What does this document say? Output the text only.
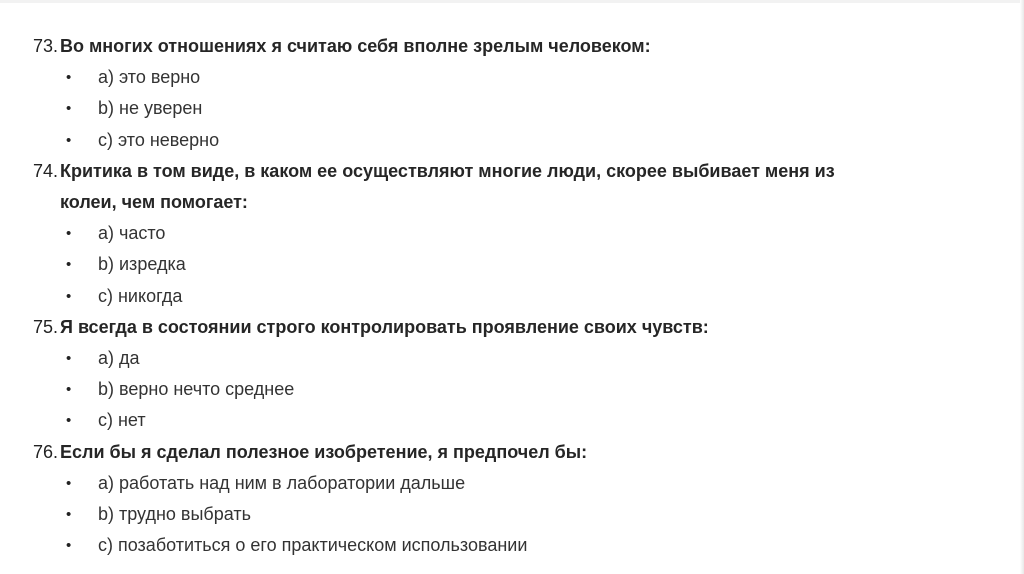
73. Во многих отношениях я считаю себя вполне зрелым человеком:
• a) это верно
• b) не уверен
• c) это неверно
74. Критика в том виде, в каком ее осуществляют многие люди, скорее выбивает меня из колеи, чем помогает:
• a) часто
• b) изредка
• c) никогда
75. Я всегда в состоянии строго контролировать проявление своих чувств:
• a) да
• b) верно нечто среднее
• c) нет
76. Если бы я сделал полезное изобретение, я предпочел бы:
• a) работать над ним в лаборатории дальше
• b) трудно выбрать
• c) позаботиться о его практическом использовании
